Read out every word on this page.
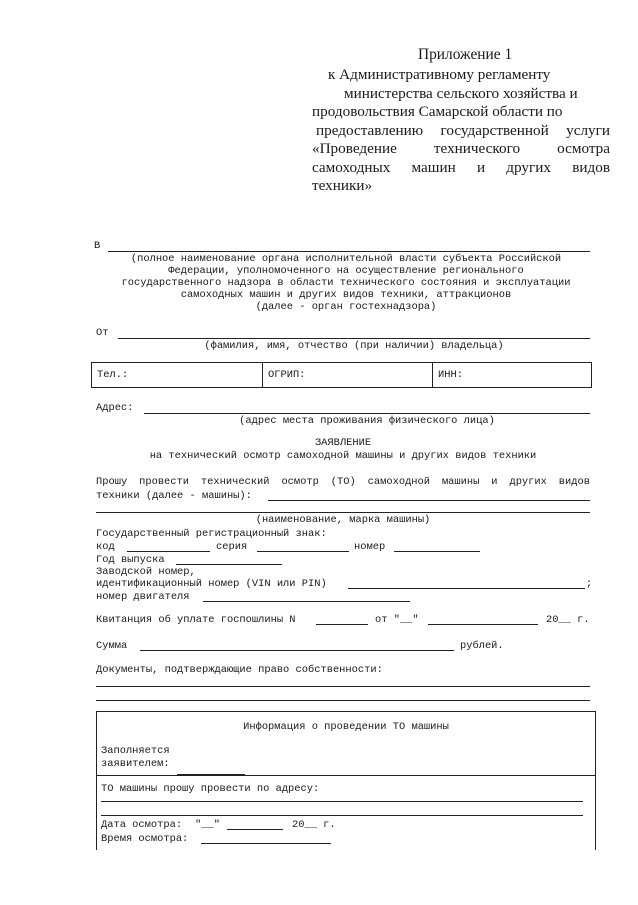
Приложение 1
к Административному регламенту
министерства сельского хозяйства и
продовольствия Самарской области по
предоставлению государственной услуги
«Проведение технического осмотра
самоходных машин и других видов
техники»
В
(полное наименование органа исполнительной власти субъекта Российской
Федерации, уполномоченного на осуществление регионального
государственного надзора в области технического состояния и эксплуатации
самоходных машин и других видов техники, аттракционов
(далее - орган гостехнадзора)
От
(фамилия, имя, отчество (при наличии) владельца)
Тел.:	ОГРИП:	ИНН:
Адрес:
(адрес места проживания физического лица)
ЗАЯВЛЕНИЕ
на технический осмотр самоходной машины и других видов техники
Прошу провести технический осмотр (ТО) самоходной машины и других видов
техники (далее - машины):
(наименование, марка машины)
Государственный регистрационный знак:
код	серия	номер
Год выпуска
Заводской номер,
идентификационный номер (VIN или PIN)	;
номер двигателя
Квитанция об уплате госпошлины N	от "__"	20__ г.
Сумма	рублей.
Документы, подтверждающие право собственности:
Информация о проведении ТО машины
Заполняется
заявителем:
ТО машины прошу провести по адресу:
Дата осмотра: "__"	20__ г.
Время осмотра:
